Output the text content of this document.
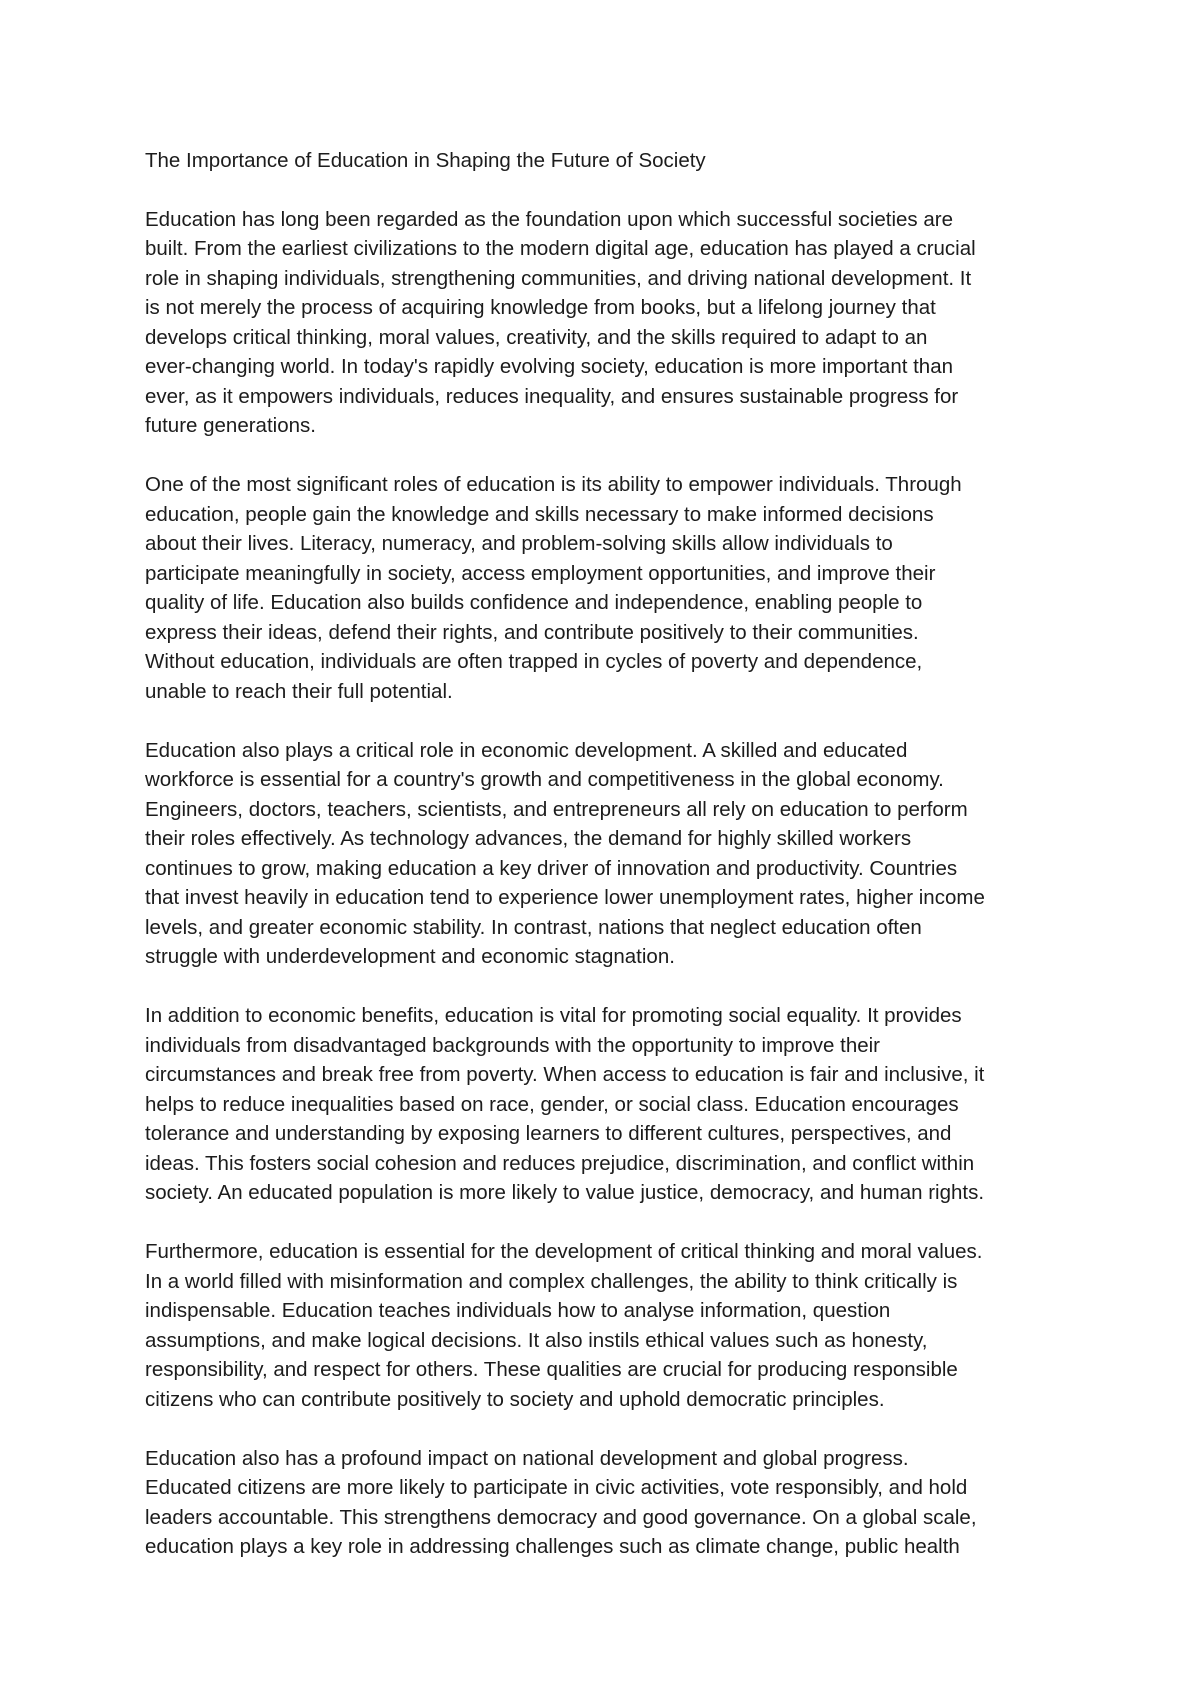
The Importance of Education in Shaping the Future of Society
Education has long been regarded as the foundation upon which successful societies are
built. From the earliest civilizations to the modern digital age, education has played a crucial
role in shaping individuals, strengthening communities, and driving national development. It
is not merely the process of acquiring knowledge from books, but a lifelong journey that
develops critical thinking, moral values, creativity, and the skills required to adapt to an
ever-changing world. In today's rapidly evolving society, education is more important than
ever, as it empowers individuals, reduces inequality, and ensures sustainable progress for
future generations.
One of the most significant roles of education is its ability to empower individuals. Through
education, people gain the knowledge and skills necessary to make informed decisions
about their lives. Literacy, numeracy, and problem-solving skills allow individuals to
participate meaningfully in society, access employment opportunities, and improve their
quality of life. Education also builds confidence and independence, enabling people to
express their ideas, defend their rights, and contribute positively to their communities.
Without education, individuals are often trapped in cycles of poverty and dependence,
unable to reach their full potential.
Education also plays a critical role in economic development. A skilled and educated
workforce is essential for a country's growth and competitiveness in the global economy.
Engineers, doctors, teachers, scientists, and entrepreneurs all rely on education to perform
their roles effectively. As technology advances, the demand for highly skilled workers
continues to grow, making education a key driver of innovation and productivity. Countries
that invest heavily in education tend to experience lower unemployment rates, higher income
levels, and greater economic stability. In contrast, nations that neglect education often
struggle with underdevelopment and economic stagnation.
In addition to economic benefits, education is vital for promoting social equality. It provides
individuals from disadvantaged backgrounds with the opportunity to improve their
circumstances and break free from poverty. When access to education is fair and inclusive, it
helps to reduce inequalities based on race, gender, or social class. Education encourages
tolerance and understanding by exposing learners to different cultures, perspectives, and
ideas. This fosters social cohesion and reduces prejudice, discrimination, and conflict within
society. An educated population is more likely to value justice, democracy, and human rights.
Furthermore, education is essential for the development of critical thinking and moral values.
In a world filled with misinformation and complex challenges, the ability to think critically is
indispensable. Education teaches individuals how to analyse information, question
assumptions, and make logical decisions. It also instils ethical values such as honesty,
responsibility, and respect for others. These qualities are crucial for producing responsible
citizens who can contribute positively to society and uphold democratic principles.
Education also has a profound impact on national development and global progress.
Educated citizens are more likely to participate in civic activities, vote responsibly, and hold
leaders accountable. This strengthens democracy and good governance. On a global scale,
education plays a key role in addressing challenges such as climate change, public health
